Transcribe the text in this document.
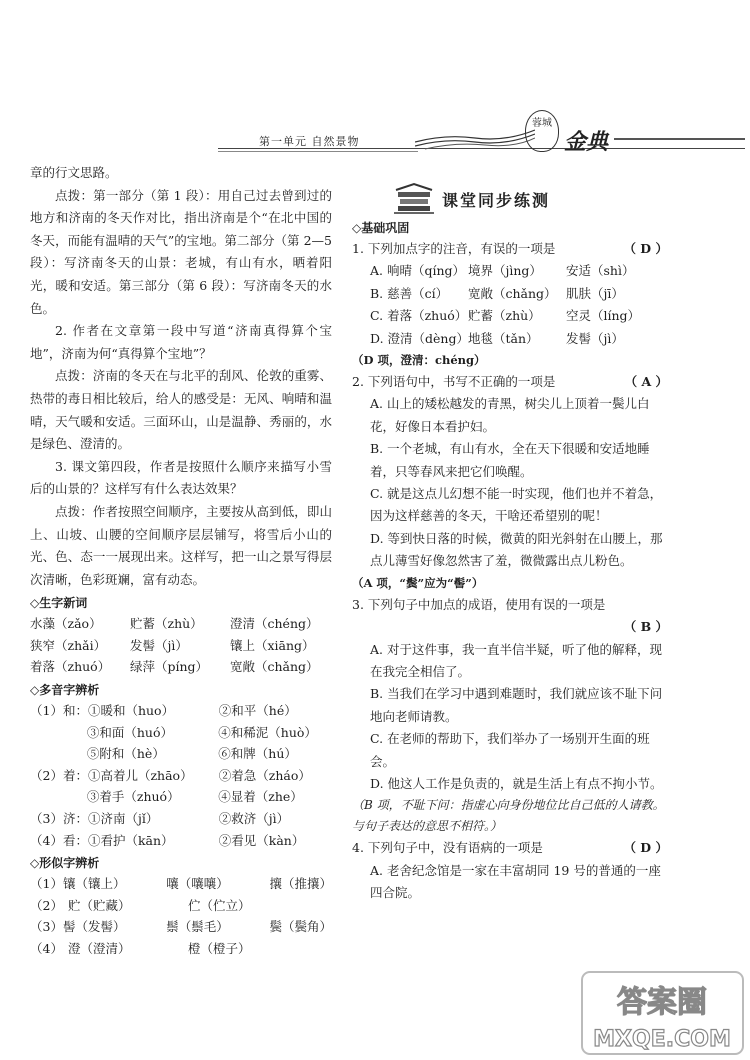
第一单元 自然景物
蓉城
金典
章的行文思路。
点拨：第一部分（第 1 段）：用自己过去曾到过的地方和济南的冬天作对比，指出济南是个“在北中国的冬天，而能有温晴的天气”的宝地。第二部分（第 2—5 段）：写济南冬天的山景：老城，有山有水，晒着阳光，暖和安适。第三部分（第 6 段）：写济南冬天的水色。
2. 作者在文章第一段中写道“济南真得算个宝地”，济南为何“真得算个宝地”？
点拨：济南的冬天在与北平的刮风、伦敦的重雾、热带的毒日相比较后，给人的感受是：无风、响晴和温晴，天气暖和安适。三面环山，山是温静、秀丽的，水是绿色、澄清的。
3. 课文第四段，作者是按照什么顺序来描写小雪后的山景的？这样写有什么表达效果？
点拨：作者按照空间顺序，主要按从高到低，即山上、山坡、山腰的空间顺序层层铺写，将雪后小山的光、色、态一一展现出来。这样写，把一山之景写得层次清晰，色彩斑斓，富有动态。
◇生字新词
水藻（zǎo）	贮蓄（zhù）	澄清（chéng）
狭窄（zhǎi）	发髻（jì）	镶上（xiāng）
着落（zhuó）	绿萍（píng）	宽敞（chǎng）
◇多音字辨析
（1）和： ①暖和（huo）	②和平（hé）
③和面（huó）	④和稀泥（huò）
⑤附和（hè）	⑥和牌（hú）
（2）着： ①高着儿（zhāo）	②着急（zháo）
③着手（zhuó）	④显着（zhe）
（3）济： ①济南（jǐ）	②救济（jì）
（4）看： ①看护（kān）	②看见（kàn）
◇形似字辨析
（1） 镶（镶上）	嚷（嚷嚷）	攘（推攘）
（2） 贮（贮藏）	伫（伫立）
（3） 髻（发髻）	鬃（鬃毛）	鬓（鬓角）
（4） 澄（澄清）	橙（橙子）
课堂同步练测
◇基础巩固
1. 下列加点字的注音，有误的一项是	（ D ）
A. 响晴（qíng） 境界（jìng）	安适（shì）
B. 慈善（cí）	宽敞（chǎng） 肌肤（jī）
C. 着落（zhuó） 贮蓄（zhù）	空灵（líng）
D. 澄清（dèng） 地毯（tǎn）	发髻（jì）
（D 项，澄清：chéng）
2. 下列语句中，书写不正确的一项是	（ A ）
A. 山上的矮松越发的青黑，树尖儿上顶着一鬓儿白花，好像日本看护妇。
B. 一个老城，有山有水，全在天下很暖和安适地睡着，只等春风来把它们唤醒。
C. 就是这点儿幻想不能一时实现，他们也并不着急，因为这样慈善的冬天，干啥还希望别的呢！
D. 等到快日落的时候，微黄的阳光斜射在山腰上，那点儿薄雪好像忽然害了羞，微微露出点儿粉色。
（A 项，“鬓”应为“髻”）
3. 下列句子中加点的成语，使用有误的一项是
（ B ）
A. 对于这件事，我一直半信半疑，听了他的解释，现在我完全相信了。
B. 当我们在学习中遇到难题时，我们就应该不耻下问地向老师请教。
C. 在老师的帮助下，我们举办了一场别开生面的班会。
D. 他这人工作是负责的，就是生活上有点不拘小节。
（B 项，不耻下问：指虚心向身份地位比自己低的人请教。与句子表达的意思不相符。）
4. 下列句子中，没有语病的一项是	（ D ）
A. 老舍纪念馆是一家在丰富胡同 19 号的普通的一座四合院。
答案圈
MXQE.COM
